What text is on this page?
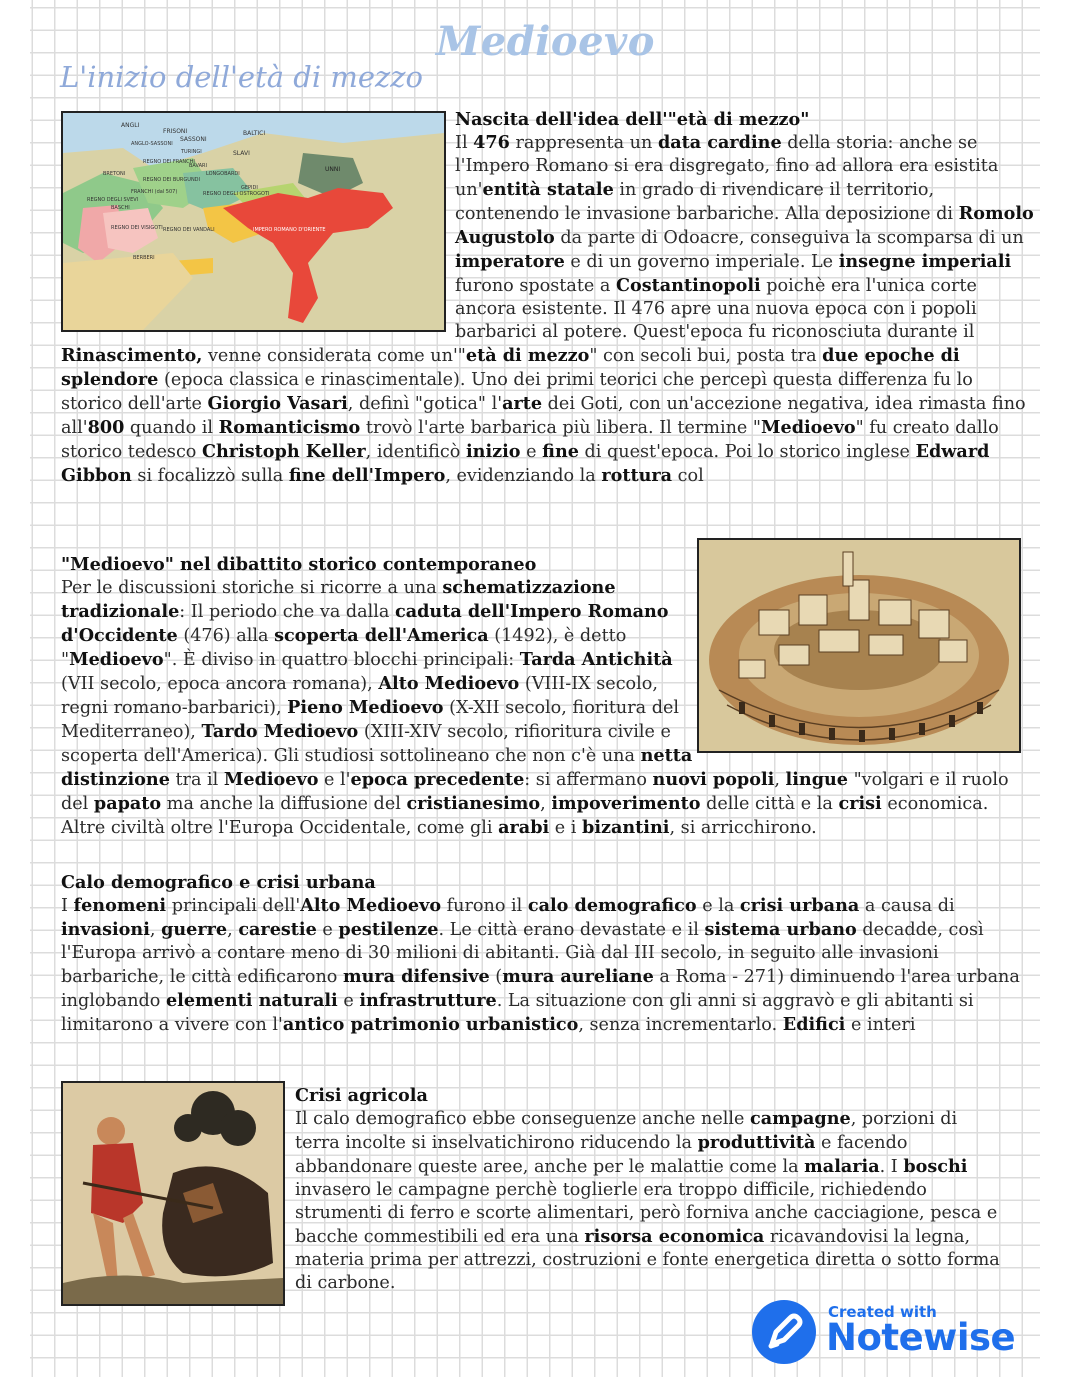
Medioevo
L'inizio dell'età di mezzo
ANGLI
FRISONI
SASSONI
BALTICI
ANGLO-SASSONI
TURINGI	SLAVI
REGNO DEI FRANCHI
BAVARI
LONGOBARDI
UNNI
BRETONI
REGNO DEI BURGUNDI
FRANCHI (dal 507)	REGNO DEGLI OSTROGOTI
GEPIDI
REGNO DEGLI SVEVI
BASCHI
REGNO DEI VISIGOTI REGNO DEI VANDALI	IMPERO ROMANO D'ORIENTE
BERBERI
Nascita dell'idea dell'"età di mezzo"
Il 476 rappresenta un data cardine della storia: anche se l'Impero Romano si era disgregato, fino ad allora era esistita un'entità statale in grado di rivendicare il territorio, contenendo le invasione barbariche. Alla deposizione di Romolo Augustolo da parte di Odoacre, conseguiva la scomparsa di un imperatore e di un governo imperiale. Le insegne imperiali furono spostate a Costantinopoli poichè era l'unica corte ancora esistente. Il 476 apre una nuova epoca con i popoli barbarici al potere. Quest'epoca fu riconosciuta durante il Rinascimento, venne considerata come un'"età di mezzo" con secoli bui, posta tra due epoche di splendore (epoca classica e rinascimentale). Uno dei primi teorici che percepì questa differenza fu lo storico dell'arte Giorgio Vasari, definì "gotica" l'arte dei Goti, con un'accezione negativa, idea rimasta fino all'800 quando il Romanticismo trovò l'arte barbarica più libera. Il termine "Medioevo" fu creato dallo storico tedesco Christoph Keller, identificò inizio e fine di quest'epoca. Poi lo storico inglese Edward Gibbon si focalizzò sulla fine dell'Impero, evidenziando la rottura col
"Medioevo" nel dibattito storico contemporaneo
Per le discussioni storiche si ricorre a una schematizzazione tradizionale: Il periodo che va dalla caduta dell'Impero Romano d'Occidente (476) alla scoperta dell'America (1492), è detto "Medioevo". È diviso in quattro blocchi principali: Tarda Antichità (VII secolo, epoca ancora romana), Alto Medioevo (VIII-IX secolo, regni romano-barbarici), Pieno Medioevo (X-XII secolo, fioritura del Mediterraneo), Tardo Medioevo (XIII-XIV secolo, rifioritura civile e scoperta dell'America). Gli studiosi sottolineano che non c'è una netta distinzione tra il Medioevo e l'epoca precedente: si affermano nuovi popoli, lingue "volgari e il ruolo del papato ma anche la diffusione del cristianesimo, impoverimento delle città e la crisi economica. Altre civiltà oltre l'Europa Occidentale, come gli arabi e i bizantini, si arricchirono.
Calo demografico e crisi urbana
I fenomeni principali dell'Alto Medioevo furono il calo demografico e la crisi urbana a causa di invasioni, guerre, carestie e pestilenze. Le città erano devastate e il sistema urbano decadde, così l'Europa arrivò a contare meno di 30 milioni di abitanti. Già dal III secolo, in seguito alle invasioni barbariche, le città edificarono mura difensive (mura aureliane a Roma - 271) diminuendo l'area urbana inglobando elementi naturali e infrastrutture. La situazione con gli anni si aggravò e gli abitanti si limitarono a vivere con l'antico patrimonio urbanistico, senza incrementarlo. Edifici e interi
Crisi agricola
Il calo demografico ebbe conseguenze anche nelle campagne, porzioni di terra incolte si inselvatichirono riducendo la produttività e facendo abbandonare queste aree, anche per le malattie come la malaria. I boschi invasero le campagne perchè toglierle era troppo difficile, richiedendo strumenti di ferro e scorte alimentari, però forniva anche cacciagione, pesca e bacche commestibili ed era una risorsa economica ricavandovisi la legna, materia prima per attrezzi, costruzioni e fonte energetica diretta o sotto forma di carbone.
Created with
Notewise
